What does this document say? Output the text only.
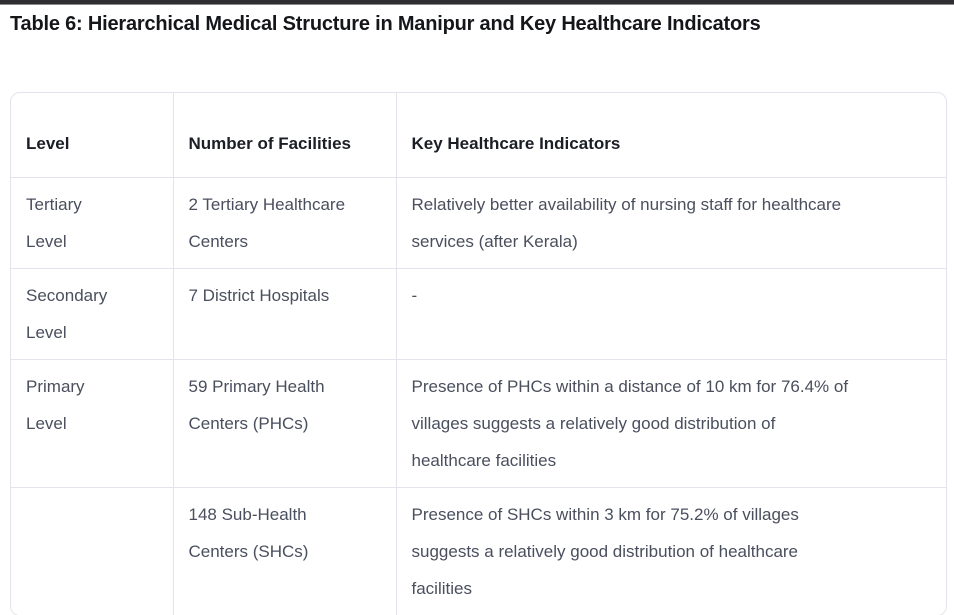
Table 6: Hierarchical Medical Structure in Manipur and Key Healthcare Indicators
Level	Number of Facilities	Key Healthcare Indicators

Tertiary Level	2 Tertiary Healthcare Centers	Relatively better availability of nursing staff for healthcare services (after Kerala)

Secondary Level	7 District Hospitals	-

Primary Level	59 Primary Health Centers (PHCs)	Presence of PHCs within a distance of 10 km for 76.4% of villages suggests a relatively good distribution of healthcare facilities

	148 Sub-Health Centers (SHCs)	Presence of SHCs within 3 km for 75.2% of villages suggests a relatively good distribution of healthcare facilities
